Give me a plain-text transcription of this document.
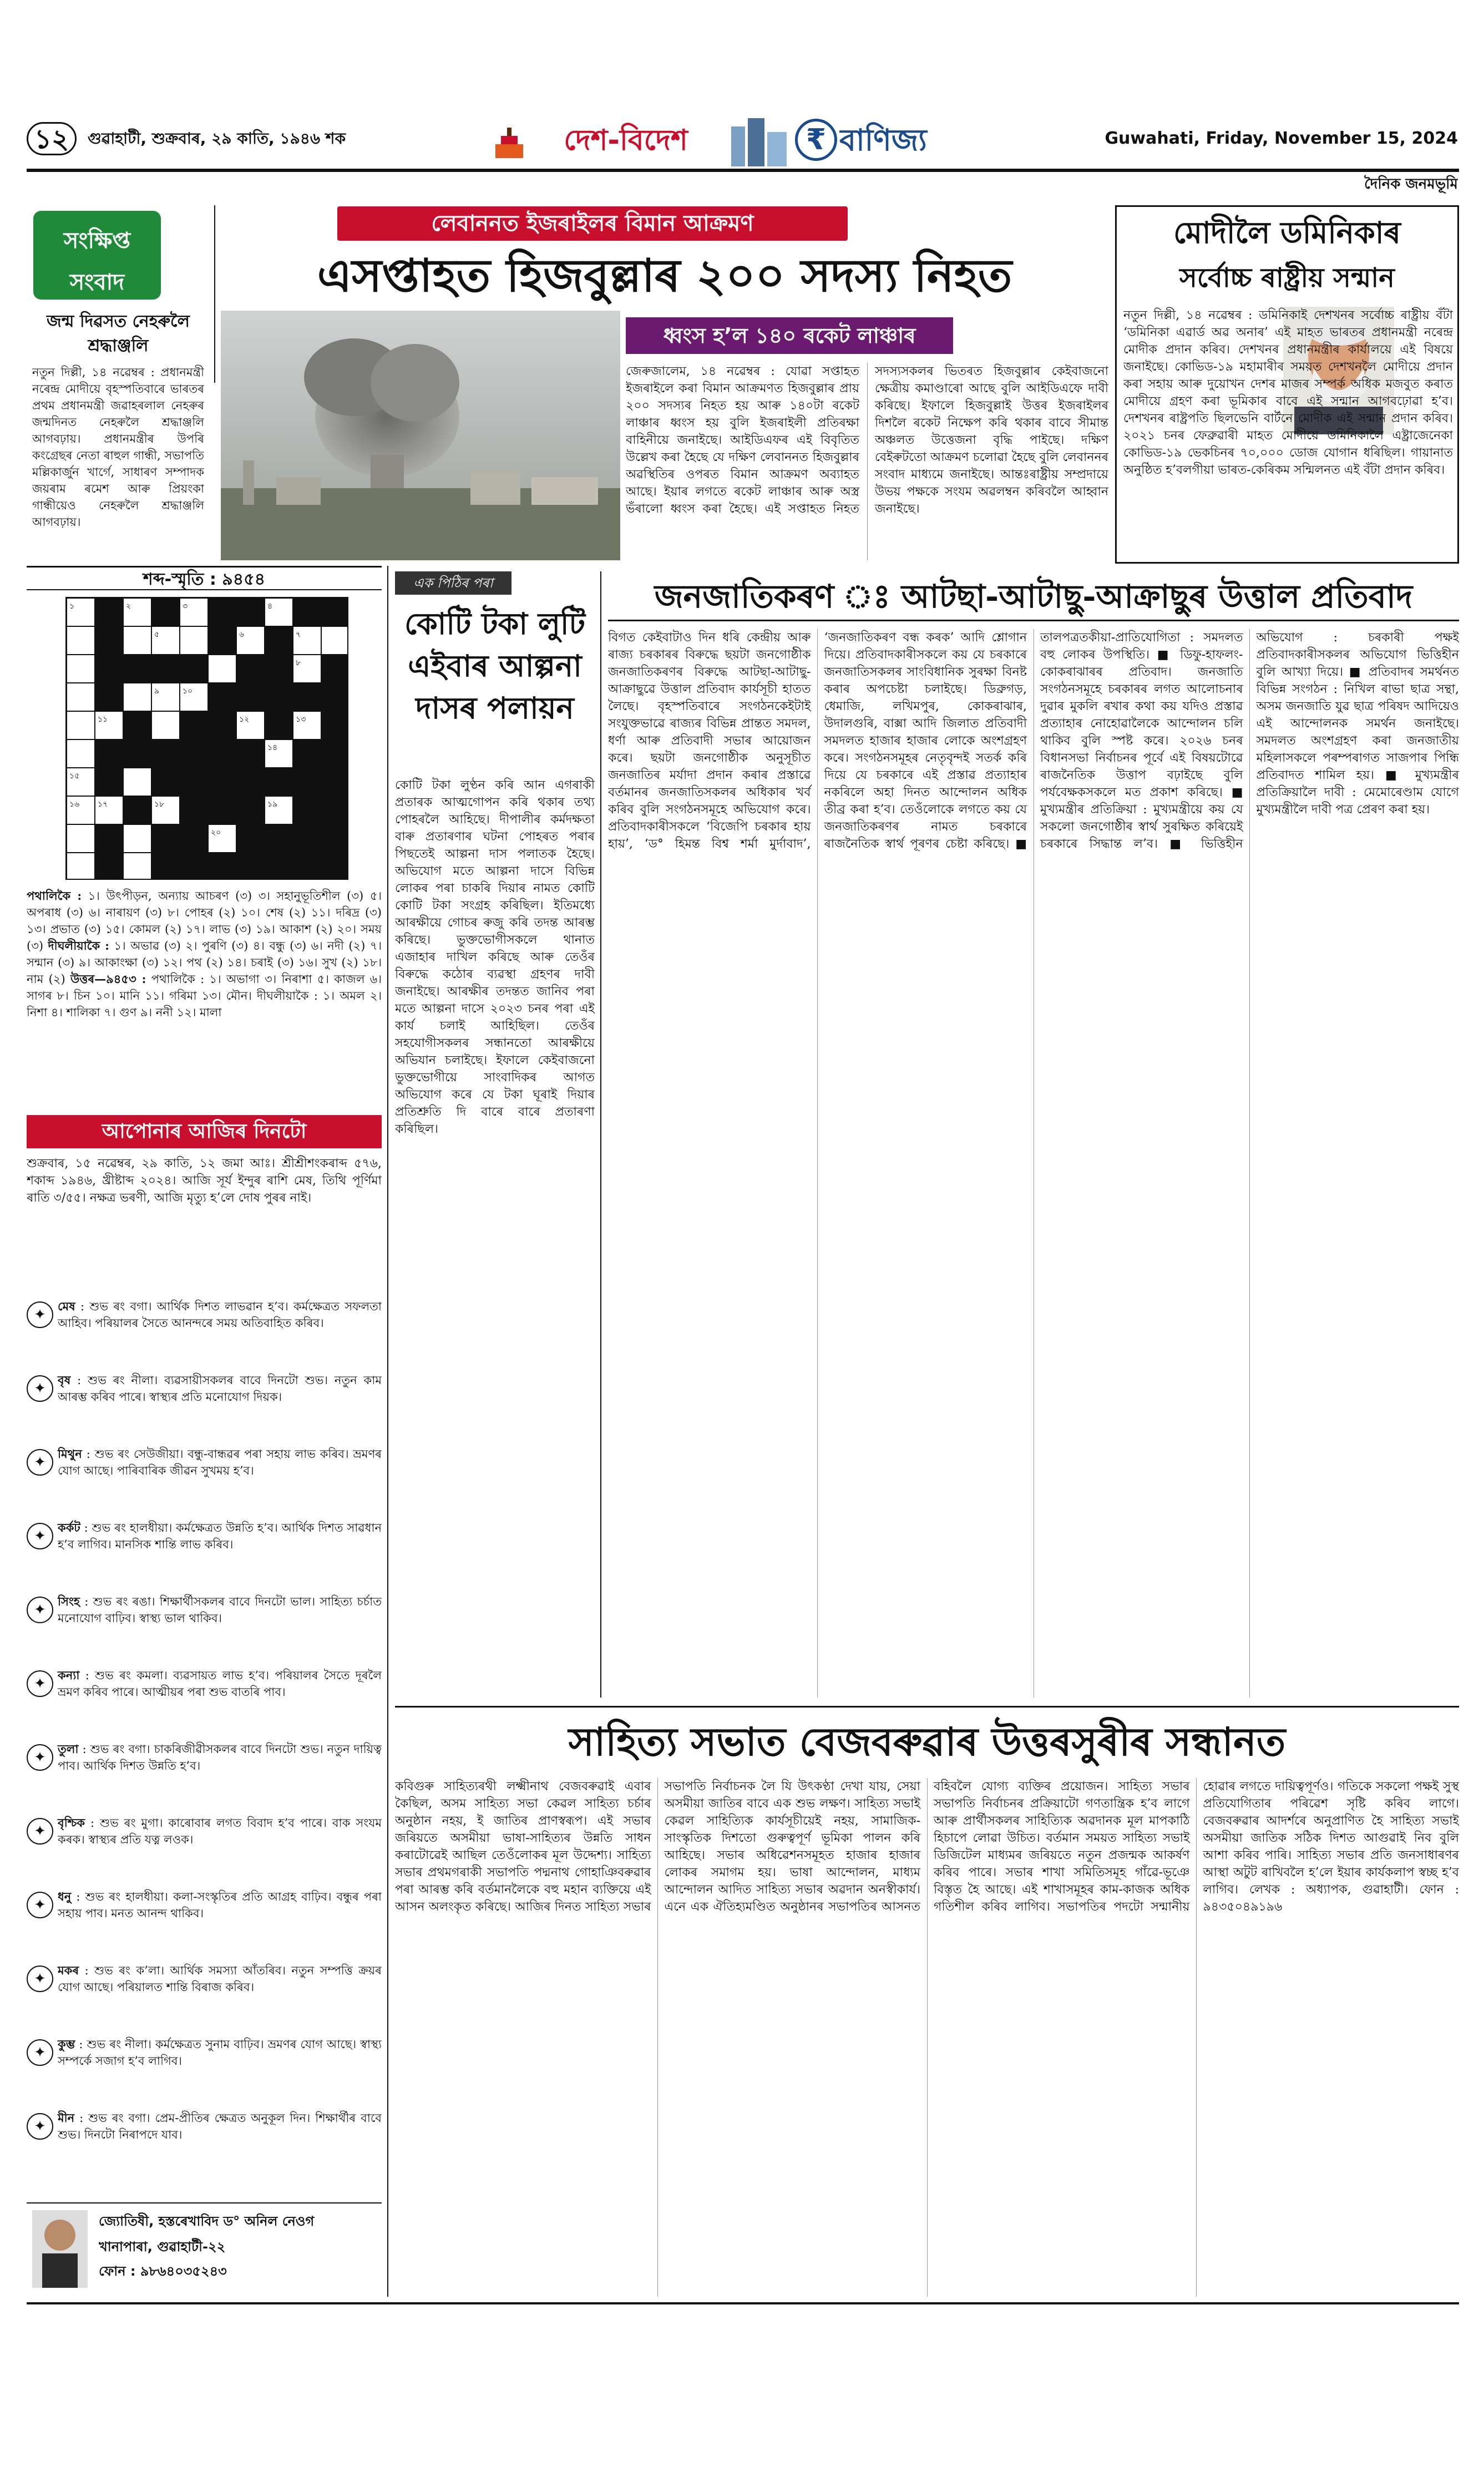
১২	গুৱাহাটী, শুক্ৰবাৰ, ২৯ কাতি, ১৯৪৬ শক	দেশ-বিদেশ	₹ বাণিজ্য	Guwahati, Friday, November 15, 2024
দৈনিক জনমভূমি
সংক্ষিপ্ত
সংবাদ
জন্ম দিৱসত নেহৰুলৈ শ্ৰদ্ধাঞ্জলি
নতুন দিল্লী, ১৪ নৱেম্বৰ : প্ৰধানমন্ত্ৰী নৰেন্দ্ৰ মোদীয়ে বৃহস্পতিবাৰে ভাৰতৰ প্ৰথম প্ৰধানমন্ত্ৰী জৱাহৰলাল নেহৰুৰ জন্মদিনত নেহৰুলৈ শ্ৰদ্ধাঞ্জলি আগবঢ়ায়। প্ৰধানমন্ত্ৰীৰ উপৰি কংগ্ৰেছৰ নেতা ৰাহুল গান্ধী, সভাপতি মল্লিকাৰ্জুন খাৰ্গে, সাধাৰণ সম্পাদক জয়ৰাম ৰমেশ আৰু প্ৰিয়ংকা গান্ধীয়েও নেহৰুলৈ শ্ৰদ্ধাঞ্জলি আগবঢ়ায়।
লেবাননত ইজৰাইলৰ বিমান আক্ৰমণ
এসপ্তাহত হিজবুল্লাৰ ২০০ সদস্য নিহত
ধ্বংস হ’ল ১৪০ ৰকেট লাঞ্চাৰ
জেৰুজালেম, ১৪ নৱেম্বৰ : যোৱা সপ্তাহত ইজৰাইলে কৰা বিমান আক্ৰমণত হিজবুল্লাৰ প্ৰায় ২০০ সদস্যৰ নিহত হয় আৰু ১৪০টা ৰকেট লাঞ্চাৰ ধ্বংস হয় বুলি ইজৰাইলী প্ৰতিৰক্ষা বাহিনীয়ে জনাইছে। আইডিএফৰ এই বিবৃতিত উল্লেখ কৰা হৈছে যে দক্ষিণ লেবাননত হিজবুল্লাৰ অৱস্থিতিৰ ওপৰত বিমান আক্ৰমণ অব্যাহত আছে। ইয়াৰ লগতে ৰকেট লাঞ্চাৰ আৰু অস্ত্ৰ ভঁৰালো ধ্বংস কৰা হৈছে। এই সপ্তাহত নিহত সদস্যসকলৰ ভিতৰত হিজবুল্লাৰ কেইবাজনো ক্ষেত্ৰীয় কমাণ্ডাৰো আছে বুলি আইডিএফে দাবী কৰিছে। ইফালে হিজবুল্লাই উত্তৰ ইজৰাইলৰ দিশলৈ ৰকেট নিক্ষেপ কৰি থকাৰ বাবে সীমান্ত অঞ্চলত উত্তেজনা বৃদ্ধি পাইছে। দক্ষিণ বেইৰুটতো আক্ৰমণ চলোৱা হৈছে বুলি লেবাননৰ সংবাদ মাধ্যমে জনাইছে। আন্তঃৰাষ্ট্ৰীয় সম্প্ৰদায়ে উভয় পক্ষকে সংযম অৱলম্বন কৰিবলৈ আহ্বান জনাইছে।
মোদীলৈ ডমিনিকাৰ
সৰ্বোচ্চ ৰাষ্ট্ৰীয় সন্মান
নতুন দিল্লী, ১৪ নৱেম্বৰ : ডমিনিকাই দেশখনৰ সৰ্বোচ্চ ৰাষ্ট্ৰীয় বঁটা ‘ডমিনিকা এৱাৰ্ড অৱ অনাৰ’ এই মাহত ভাৰতৰ প্ৰধানমন্ত্ৰী নৰেন্দ্ৰ মোদীক প্ৰদান কৰিব। দেশখনৰ প্ৰধানমন্ত্ৰীৰ কাৰ্যালয়ে এই বিষয়ে জনাইছে। কোভিড-১৯ মহামাৰীৰ সময়ত দেশখনলৈ মোদীয়ে প্ৰদান কৰা সহায় আৰু দুয়োখন দেশৰ মাজৰ সম্পৰ্ক অধিক মজবুত কৰাত মোদীয়ে গ্ৰহণ কৰা ভূমিকাৰ বাবে এই সন্মান আগবঢ়োৱা হ’ব। দেশখনৰ ৰাষ্ট্ৰপতি ছিলভেনি বাৰ্টনে মোদীক এই সন্মান প্ৰদান কৰিব। ২০২১ চনৰ ফেব্ৰুৱাৰী মাহত মোদীয়ে ডমিনিকালৈ এষ্ট্ৰাজেনেকা কোভিড-১৯ ভেকচিনৰ ৭০,০০০ ডোজ যোগান ধৰিছিল। গায়ানাত অনুষ্ঠিত হ’বলগীয়া ভাৰত-কেৰিকম সন্মিলনত এই বঁটা প্ৰদান কৰিব।
শব্দ-স্মৃতি : ৯৪৫৪
১	২	৩	৪
৫	৬	৭
৮
৯	১০
১১	১২	১৩
১৪
১৫
১৬ ১৭	১৮	১৯
২০
পথালিকৈ : ১। উৎপীড়ন, অন্যায় আচৰণ (৩) ৩। সহানুভূতিশীল (৩) ৫। অপৰাধ (৩) ৬। নাৰায়ণ (৩) ৮। পোহৰ (২) ১০। শেষ (২) ১১। দৰিদ্ৰ (৩) ১৩। প্ৰভাত (৩) ১৫। কোমল (২) ১৭। লাভ (৩) ১৯। আকাশ (২) ২০। সময় (৩) দীঘলীয়াকৈ : ১। অভাৱ (৩) ২। পুৰণি (৩) ৪। বন্ধু (৩) ৬। নদী (২) ৭। সন্মান (৩) ৯। আকাংক্ষা (৩) ১২। পথ (২) ১৪। চৰাই (৩) ১৬। সুখ (২) ১৮। নাম (২) উত্তৰ—৯৪৫৩ : পথালিকৈ : ১। অভাগা ৩। নিৰাশা ৫। কাজল ৬। সাগৰ ৮। চিন ১০। মানি ১১। গৰিমা ১৩। মৌন। দীঘলীয়াকৈ : ১। অমল ২। নিশা ৪। শালিকা ৭। গুণ ৯। ননী ১২। মালা
আপোনাৰ আজিৰ দিনটো
শুক্ৰবাৰ, ১৫ নৱেম্বৰ, ২৯ কাতি, ১২ জমা আঃ। শ্ৰীশ্ৰীশংকৰাব্দ ৫৭৬, শকাব্দ ১৯৪৬, খ্ৰীষ্টাব্দ ২০২৪। আজি সূৰ্য ইন্দুৰ ৰাশি মেষ, তিথি পূৰ্ণিমা ৰাতি ৩/৫৫। নক্ষত্ৰ ভৰণী, আজি মৃত্যু হ’লে দোষ পুৰৰ নাই।
✦
মেষ : শুভ ৰং বগা। আৰ্থিক দিশত লাভৱান হ’ব। কৰ্মক্ষেত্ৰত সফলতা আহিব। পৰিয়ালৰ সৈতে আনন্দৰে সময় অতিবাহিত কৰিব।
✦
বৃষ : শুভ ৰং নীলা। ব্যৱসায়ীসকলৰ বাবে দিনটো শুভ। নতুন কাম আৰম্ভ কৰিব পাৰে। স্বাস্থ্যৰ প্ৰতি মনোযোগ দিয়ক।
✦
মিথুন : শুভ ৰং সেউজীয়া। বন্ধু-বান্ধৱৰ পৰা সহায় লাভ কৰিব। ভ্ৰমণৰ যোগ আছে। পাৰিবাৰিক জীৱন সুখময় হ’ব।
✦
কৰ্কট : শুভ ৰং হালধীয়া। কৰ্মক্ষেত্ৰত উন্নতি হ’ব। আৰ্থিক দিশত সাৱধান হ’ব লাগিব। মানসিক শান্তি লাভ কৰিব।
✦
সিংহ : শুভ ৰং ৰঙা। শিক্ষাৰ্থীসকলৰ বাবে দিনটো ভাল। সাহিত্য চৰ্চাত মনোযোগ বাঢ়িব। স্বাস্থ্য ভাল থাকিব।
✦
কন্যা : শুভ ৰং কমলা। ব্যৱসায়ত লাভ হ’ব। পৰিয়ালৰ সৈতে দূৰলৈ ভ্ৰমণ কৰিব পাৰে। আত্মীয়ৰ পৰা শুভ বাতৰি পাব।
✦
তুলা : শুভ ৰং বগা। চাকৰিজীৱীসকলৰ বাবে দিনটো শুভ। নতুন দায়িত্ব পাব। আৰ্থিক দিশত উন্নতি হ’ব।
✦
বৃশ্চিক : শুভ ৰং মুগা। কাৰোবাৰ লগত বিবাদ হ’ব পাৰে। বাক সংযম কৰক। স্বাস্থ্যৰ প্ৰতি যত্ন লওক।
✦
ধনু : শুভ ৰং হালধীয়া। কলা-সংস্কৃতিৰ প্ৰতি আগ্ৰহ বাঢ়িব। বন্ধুৰ পৰা সহায় পাব। মনত আনন্দ থাকিব।
✦
মকৰ : শুভ ৰং ক’লা। আৰ্থিক সমস্যা আঁতৰিব। নতুন সম্পত্তি ক্ৰয়ৰ যোগ আছে। পৰিয়ালত শান্তি বিৰাজ কৰিব।
✦
কুম্ভ : শুভ ৰং নীলা। কৰ্মক্ষেত্ৰত সুনাম বাঢ়িব। ভ্ৰমণৰ যোগ আছে। স্বাস্থ্য সম্পৰ্কে সজাগ হ’ব লাগিব।
✦
মীন : শুভ ৰং বগা। প্ৰেম-প্ৰীতিৰ ক্ষেত্ৰত অনুকূল দিন। শিক্ষাৰ্থীৰ বাবে শুভ। দিনটো নিৰাপদে যাব।
জ্যোতিষী, হস্তৰেখাবিদ ড° অনিল নেওগ
খানাপাৰা, গুৱাহাটী-২২
ফোন : ৯৮৬৪০৩৫২৪৩
এক পিঠিৰ পৰা
কোটি টকা লুটি এইবাৰ আল্পনা দাসৰ পলায়ন
কোটি টকা লুণ্ঠন কৰি আন এগৰাকী প্ৰতাৰক আত্মগোপন কৰি থকাৰ তথ্য পোহৰলৈ আহিছে। দীপালীৰ কৰ্মদক্ষতা বাৰু প্ৰতাৰণাৰ ঘটনা পোহৰত পৰাৰ পিছতেই আল্পনা দাস পলাতক হৈছে। অভিযোগ মতে আল্পনা দাসে বিভিন্ন লোকৰ পৰা চাকৰি দিয়াৰ নামত কোটি কোটি টকা সংগ্ৰহ কৰিছিল। ইতিমধ্যে আৰক্ষীয়ে গোচৰ ৰুজু কৰি তদন্ত আৰম্ভ কৰিছে। ভুক্তভোগীসকলে থানাত এজাহাৰ দাখিল কৰিছে আৰু তেওঁৰ বিৰুদ্ধে কঠোৰ ব্যৱস্থা গ্ৰহণৰ দাবী জনাইছে। আৰক্ষীৰ তদন্তত জানিব পৰা মতে আল্পনা দাসে ২০২৩ চনৰ পৰা এই কাৰ্য চলাই আহিছিল। তেওঁৰ সহযোগীসকলৰ সন্ধানতো আৰক্ষীয়ে অভিযান চলাইছে। ইফালে কেইবাজনো ভুক্তভোগীয়ে সাংবাদিকৰ আগত অভিযোগ কৰে যে টকা ঘূৰাই দিয়াৰ প্ৰতিশ্ৰুতি দি বাৰে বাৰে প্ৰতাৰণা কৰিছিল।
জনজাতিকৰণ ঃ আটছা-আটাছু-আক্ৰাছুৰ উত্তাল প্ৰতিবাদ
বিগত কেইবাটাও দিন ধৰি কেন্দ্ৰীয় আৰু ৰাজ্য চৰকাৰৰ বিৰুদ্ধে ছয়টা জনগোষ্ঠীক জনজাতিকৰণৰ বিৰুদ্ধে আটছা-আটাছু-আক্ৰাছুৱে উত্তাল প্ৰতিবাদ কাৰ্যসূচী হাতত লৈছে। বৃহস্পতিবাৰে সংগঠনকেইটাই সংযুক্তভাৱে ৰাজ্যৰ বিভিন্ন প্ৰান্তত সমদল, ধৰ্ণা আৰু প্ৰতিবাদী সভাৰ আয়োজন কৰে। ছয়টা জনগোষ্ঠীক অনুসূচীত জনজাতিৰ মৰ্যাদা প্ৰদান কৰাৰ প্ৰস্তাৱে বৰ্তমানৰ জনজাতিসকলৰ অধিকাৰ খৰ্ব কৰিব বুলি সংগঠনসমূহে অভিযোগ কৰে। প্ৰতিবাদকাৰীসকলে ‘বিজেপি চৰকাৰ হায় হায়’, ‘ড° হিমন্ত বিশ্ব শৰ্মা মুৰ্দাবাদ’, ‘জনজাতিকৰণ বন্ধ কৰক’ আদি শ্লোগান দিয়ে। প্ৰতিবাদকাৰীসকলে কয় যে চৰকাৰে জনজাতিসকলৰ সাংবিধানিক সুৰক্ষা বিনষ্ট কৰাৰ অপচেষ্টা চলাইছে। ডিব্ৰুগড়, ধেমাজি, লখিমপুৰ, কোকৰাঝাৰ, উদালগুৰি, বাক্সা আদি জিলাত প্ৰতিবাদী সমদলত হাজাৰ হাজাৰ লোকে অংশগ্ৰহণ কৰে। সংগঠনসমূহৰ নেতৃবৃন্দই সতৰ্ক কৰি দিয়ে যে চৰকাৰে এই প্ৰস্তাৱ প্ৰত্যাহাৰ নকৰিলে অহা দিনত আন্দোলন অধিক তীব্ৰ কৰা হ’ব। তেওঁলোকে লগতে কয় যে জনজাতিকৰণৰ নামত চৰকাৰে ৰাজনৈতিক স্বাৰ্থ পূৰণৰ চেষ্টা কৰিছে। ■ তালপত্ৰতকীয়া-প্ৰাতিযোগিতা : সমদলত বহু লোকৰ উপস্থিতি। ■ ডিফু-হাফলং-কোকৰাঝাৰৰ প্ৰতিবাদ। জনজাতি সংগঠনসমূহে চৰকাৰৰ লগত আলোচনাৰ দুৱাৰ মুকলি ৰখাৰ কথা কয় যদিও প্ৰস্তাৱ প্ৰত্যাহাৰ নোহোৱালৈকে আন্দোলন চলি থাকিব বুলি স্পষ্ট কৰে। ২০২৬ চনৰ বিধানসভা নিৰ্বাচনৰ পূৰ্বে এই বিষয়টোৱে ৰাজনৈতিক উত্তাপ বঢ়াইছে বুলি পৰ্যবেক্ষকসকলে মত প্ৰকাশ কৰিছে। ■ মুখ্যমন্ত্ৰীৰ প্ৰতিক্ৰিয়া : মুখ্যমন্ত্ৰীয়ে কয় যে সকলো জনগোষ্ঠীৰ স্বাৰ্থ সুৰক্ষিত কৰিয়েই চৰকাৰে সিদ্ধান্ত ল’ব। ■ ভিত্তিহীন অভিযোগ : চৰকাৰী পক্ষই প্ৰতিবাদকাৰীসকলৰ অভিযোগ ভিত্তিহীন বুলি আখ্যা দিয়ে। ■ প্ৰতিবাদৰ সমৰ্থনত বিভিন্ন সংগঠন : নিখিল ৰাভা ছাত্ৰ সন্থা, অসম জনজাতি যুৱ ছাত্ৰ পৰিষদ আদিয়েও এই আন্দোলনক সমৰ্থন জনাইছে। সমদলত অংশগ্ৰহণ কৰা জনজাতীয় মহিলাসকলে পৰম্পৰাগত সাজপাৰ পিন্ধি প্ৰতিবাদত শামিল হয়। ■ মুখ্যমন্ত্ৰীৰ প্ৰতিক্ৰিয়ালৈ দাবী : মেমোৰেণ্ডাম যোগে মুখ্যমন্ত্ৰীলৈ দাবী পত্ৰ প্ৰেৰণ কৰা হয়।
সাহিত্য সভাত বেজবৰুৱাৰ উত্তৰসুৰীৰ সন্ধানত
কবিগুৰু সাহিত্যৰথী লক্ষ্মীনাথ বেজবৰুৱাই এবাৰ কৈছিল, অসম সাহিত্য সভা কেৱল সাহিত্য চৰ্চাৰ অনুষ্ঠান নহয়, ই জাতিৰ প্ৰাণস্বৰূপ। এই সভাৰ জৰিয়তে অসমীয়া ভাষা-সাহিত্যৰ উন্নতি সাধন কৰাটোৱেই আছিল তেওঁলোকৰ মূল উদ্দেশ্য। সাহিত্য সভাৰ প্ৰথমগৰাকী সভাপতি পদ্মনাথ গোহাঞিবৰুৱাৰ পৰা আৰম্ভ কৰি বৰ্তমানলৈকে বহু মহান ব্যক্তিয়ে এই আসন অলংকৃত কৰিছে। আজিৰ দিনত সাহিত্য সভাৰ সভাপতি নিৰ্বাচনক লৈ যি উৎকণ্ঠা দেখা যায়, সেয়া অসমীয়া জাতিৰ বাবে এক শুভ লক্ষণ। সাহিত্য সভাই কেৱল সাহিত্যিক কাৰ্যসূচীয়েই নহয়, সামাজিক-সাংস্কৃতিক দিশতো গুৰুত্বপূৰ্ণ ভূমিকা পালন কৰি আহিছে। সভাৰ অধিৱেশনসমূহত হাজাৰ হাজাৰ লোকৰ সমাগম হয়। ভাষা আন্দোলন, মাধ্যম আন্দোলন আদিত সাহিত্য সভাৰ অৱদান অনস্বীকাৰ্য। এনে এক ঐতিহ্যমণ্ডিত অনুষ্ঠানৰ সভাপতিৰ আসনত বহিবলৈ যোগ্য ব্যক্তিৰ প্ৰয়োজন। সাহিত্য সভাৰ সভাপতি নিৰ্বাচনৰ প্ৰক্ৰিয়াটো গণতান্ত্ৰিক হ’ব লাগে আৰু প্ৰাৰ্থীসকলৰ সাহিত্যিক অৱদানক মূল মাপকাঠি হিচাপে লোৱা উচিত। বৰ্তমান সময়ত সাহিত্য সভাই ডিজিটেল মাধ্যমৰ জৰিয়তে নতুন প্ৰজন্মক আকৰ্ষণ কৰিব পাৰে। সভাৰ শাখা সমিতিসমূহ গাঁৱে-ভূঞে বিস্তৃত হৈ আছে। এই শাখাসমূহৰ কাম-কাজক অধিক গতিশীল কৰিব লাগিব। সভাপতিৰ পদটো সন্মানীয় হোৱাৰ লগতে দায়িত্বপূৰ্ণও। গতিকে সকলো পক্ষই সুস্থ প্ৰতিযোগিতাৰ পৰিৱেশ সৃষ্টি কৰিব লাগে। বেজবৰুৱাৰ আদৰ্শৰে অনুপ্ৰাণিত হৈ সাহিত্য সভাই অসমীয়া জাতিক সঠিক দিশত আগুৱাই নিব বুলি আশা কৰিব পাৰি। সাহিত্য সভাৰ প্ৰতি জনসাধাৰণৰ আস্থা অটুট ৰাখিবলৈ হ’লে ইয়াৰ কাৰ্যকলাপ স্বচ্ছ হ’ব লাগিব। লেখক : অধ্যাপক, গুৱাহাটী। ফোন : ৯৪৩৫০৪৯১৯৬
